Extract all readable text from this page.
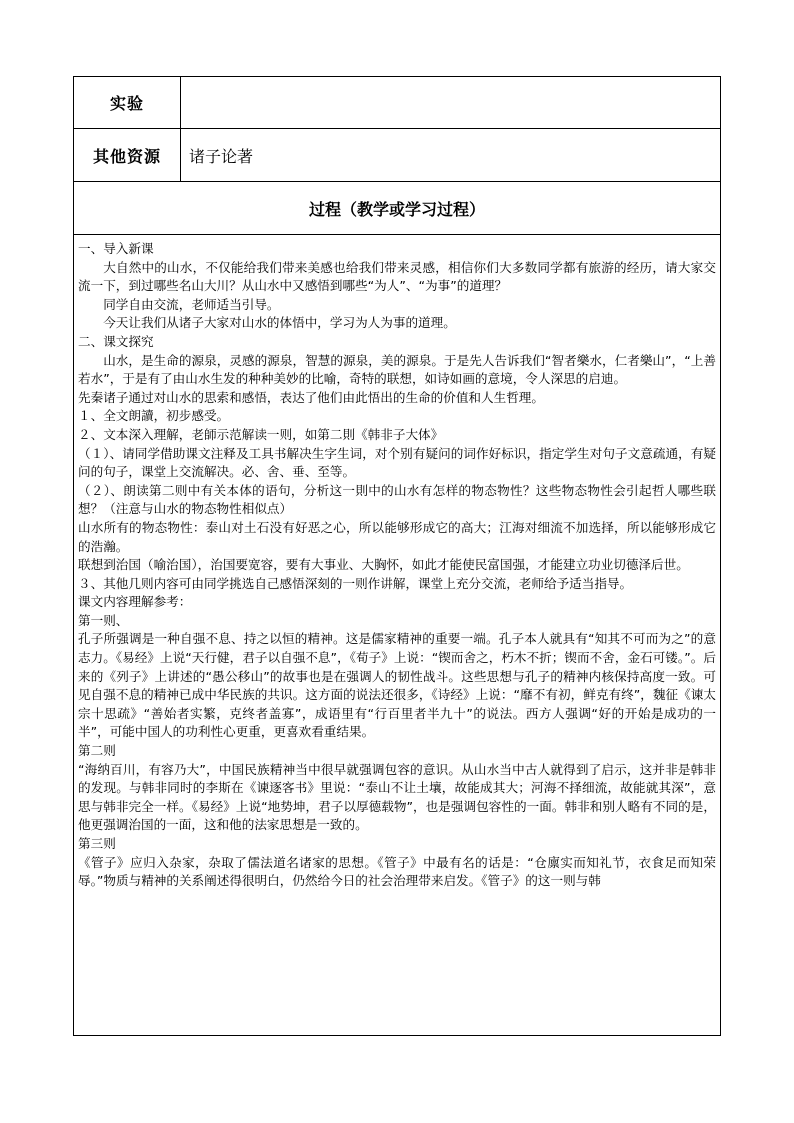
实验
其他资源	诸子论著
过程（教学或学习过程）

一、导入新课

大自然中的山水，不仅能给我们带来美感也给我们带来灵感，相信你们大多数同学都有旅游的经历，请大家交流一下，到过哪些名山大川？从山水中又感悟到哪些“为人”、“为事”的道理？

同学自由交流，老师适当引导。

今天让我们从诸子大家对山水的体悟中，学习为人为事的道理。

二、课文探究

山水，是生命的源泉，灵感的源泉，智慧的源泉，美的源泉。于是先人告诉我们“智者樂水，仁者樂山”，“上善若水”，于是有了由山水生发的种种美妙的比喻，奇特的联想，如诗如画的意境，令人深思的启迪。

先秦诸子通过对山水的思索和感悟，表达了他们由此悟出的生命的价值和人生哲理。

１、全文朗讀，初步感受。

２、文本深入理解，老師示范解读一则，如第二則《韩非子大体》

（１）、请同学借助课文注释及工具书解决生字生词，对个别有疑问的词作好标识，指定学生对句子文意疏通，有疑问的句子，课堂上交流解决。必、舍、垂、至等。

（２）、朗读第二则中有关本体的语句，分析这一則中的山水有怎样的物态物性？这些物态物性会引起哲人哪些联想？（注意与山水的物态物性相似点）

山水所有的物态物性：泰山对土石没有好恶之心，所以能够形成它的高大；江海对细流不加选择，所以能够形成它的浩瀚。

联想到治国（喻治国），治国要宽容，要有大事业、大胸怀，如此才能使民富国强，才能建立功业切德泽后世。

３、其他几则内容可由同学挑选自己感悟深刻的一则作讲解，课堂上充分交流，老师给予适当指导。

课文内容理解参考：

第一则、

孔子所强调是一种自强不息、持之以恒的精神。这是儒家精神的重要一端。孔子本人就具有“知其不可而为之”的意志力。《易经》上说“天行健，君子以自强不息”，《荀子》上说：“锲而舍之，朽木不折；锲而不舍，金石可镂。”。后来的《列子》上讲述的“愚公移山”的故事也是在强调人的韧性战斗。这些思想与孔子的精神内核保持高度一致。可见自强不息的精神已成中华民族的共识。这方面的说法还很多，《诗经》上说：“靡不有初，鲜克有终”，魏征《谏太宗十思疏》“善始者实繁，克终者盖寡”，成语里有“行百里者半九十”的说法。西方人强调“好的开始是成功的一半”，可能中国人的功利性心更重，更喜欢看重结果。

第二则

“海纳百川，有容乃大”，中国民族精神当中很早就强调包容的意识。从山水当中古人就得到了启示，这并非是韩非的发现。与韩非同时的李斯在《谏逐客书》里说：“泰山不让土壤，故能成其大；河海不择细流，故能就其深”，意思与韩非完全一样。《易经》上说“地势坤，君子以厚德载物”，也是强调包容性的一面。韩非和别人略有不同的是，他更强调治国的一面，这和他的法家思想是一致的。

第三则

《管子》应归入杂家，杂取了儒法道名诸家的思想。《管子》中最有名的话是：“仓廪实而知礼节，衣食足而知荣辱。”物质与精神的关系阐述得很明白，仍然给今日的社会治理带来启发。《管子》的这一则与韩
